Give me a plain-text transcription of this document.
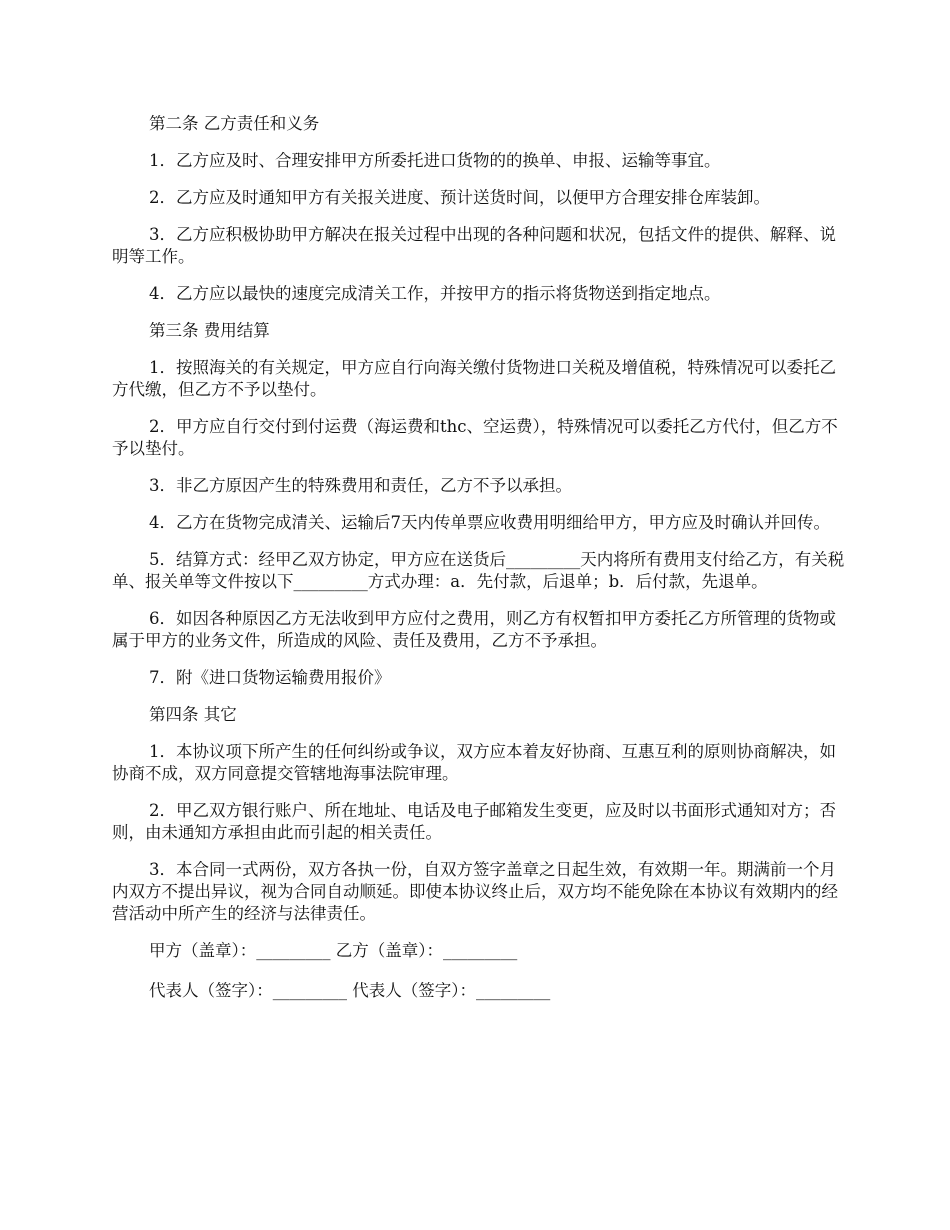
第二条 乙方责任和义务

1．乙方应及时、合理安排甲方所委托进口货物的的换单、申报、运输等事宜。

2．乙方应及时通知甲方有关报关进度、预计送货时间，以便甲方合理安排仓库装卸。

3．乙方应积极协助甲方解决在报关过程中出现的各种问题和状况，包括文件的提供、解释、说明等工作。

4．乙方应以最快的速度完成清关工作，并按甲方的指示将货物送到指定地点。

第三条 费用结算

1．按照海关的有关规定，甲方应自行向海关缴付货物进口关税及增值税，特殊情况可以委托乙方代缴，但乙方不予以垫付。

2．甲方应自行交付到付运费（海运费和thc、空运费），特殊情况可以委托乙方代付，但乙方不予以垫付。

3．非乙方原因产生的特殊费用和责任，乙方不予以承担。

4．乙方在货物完成清关、运输后7天内传单票应收费用明细给甲方，甲方应及时确认并回传。

5．结算方式：经甲乙双方协定，甲方应在送货后_________天内将所有费用支付给乙方，有关税单、报关单等文件按以下_________方式办理：a．先付款，后退单；b．后付款，先退单。

6．如因各种原因乙方无法收到甲方应付之费用，则乙方有权暂扣甲方委托乙方所管理的货物或属于甲方的业务文件，所造成的风险、责任及费用，乙方不予承担。

7．附《进口货物运输费用报价》

第四条 其它

1．本协议项下所产生的任何纠纷或争议，双方应本着友好协商、互惠互利的原则协商解决，如协商不成，双方同意提交管辖地海事法院审理。

2．甲乙双方银行账户、所在地址、电话及电子邮箱发生变更，应及时以书面形式通知对方；否则，由未通知方承担由此而引起的相关责任。

3．本合同一式两份，双方各执一份，自双方签字盖章之日起生效，有效期一年。期满前一个月内双方不提出异议，视为合同自动顺延。即使本协议终止后，双方均不能免除在本协议有效期内的经营活动中所产生的经济与法律责任。

甲方（盖章）：_________ 乙方（盖章）：_________

代表人（签字）：_________ 代表人（签字）：_________
